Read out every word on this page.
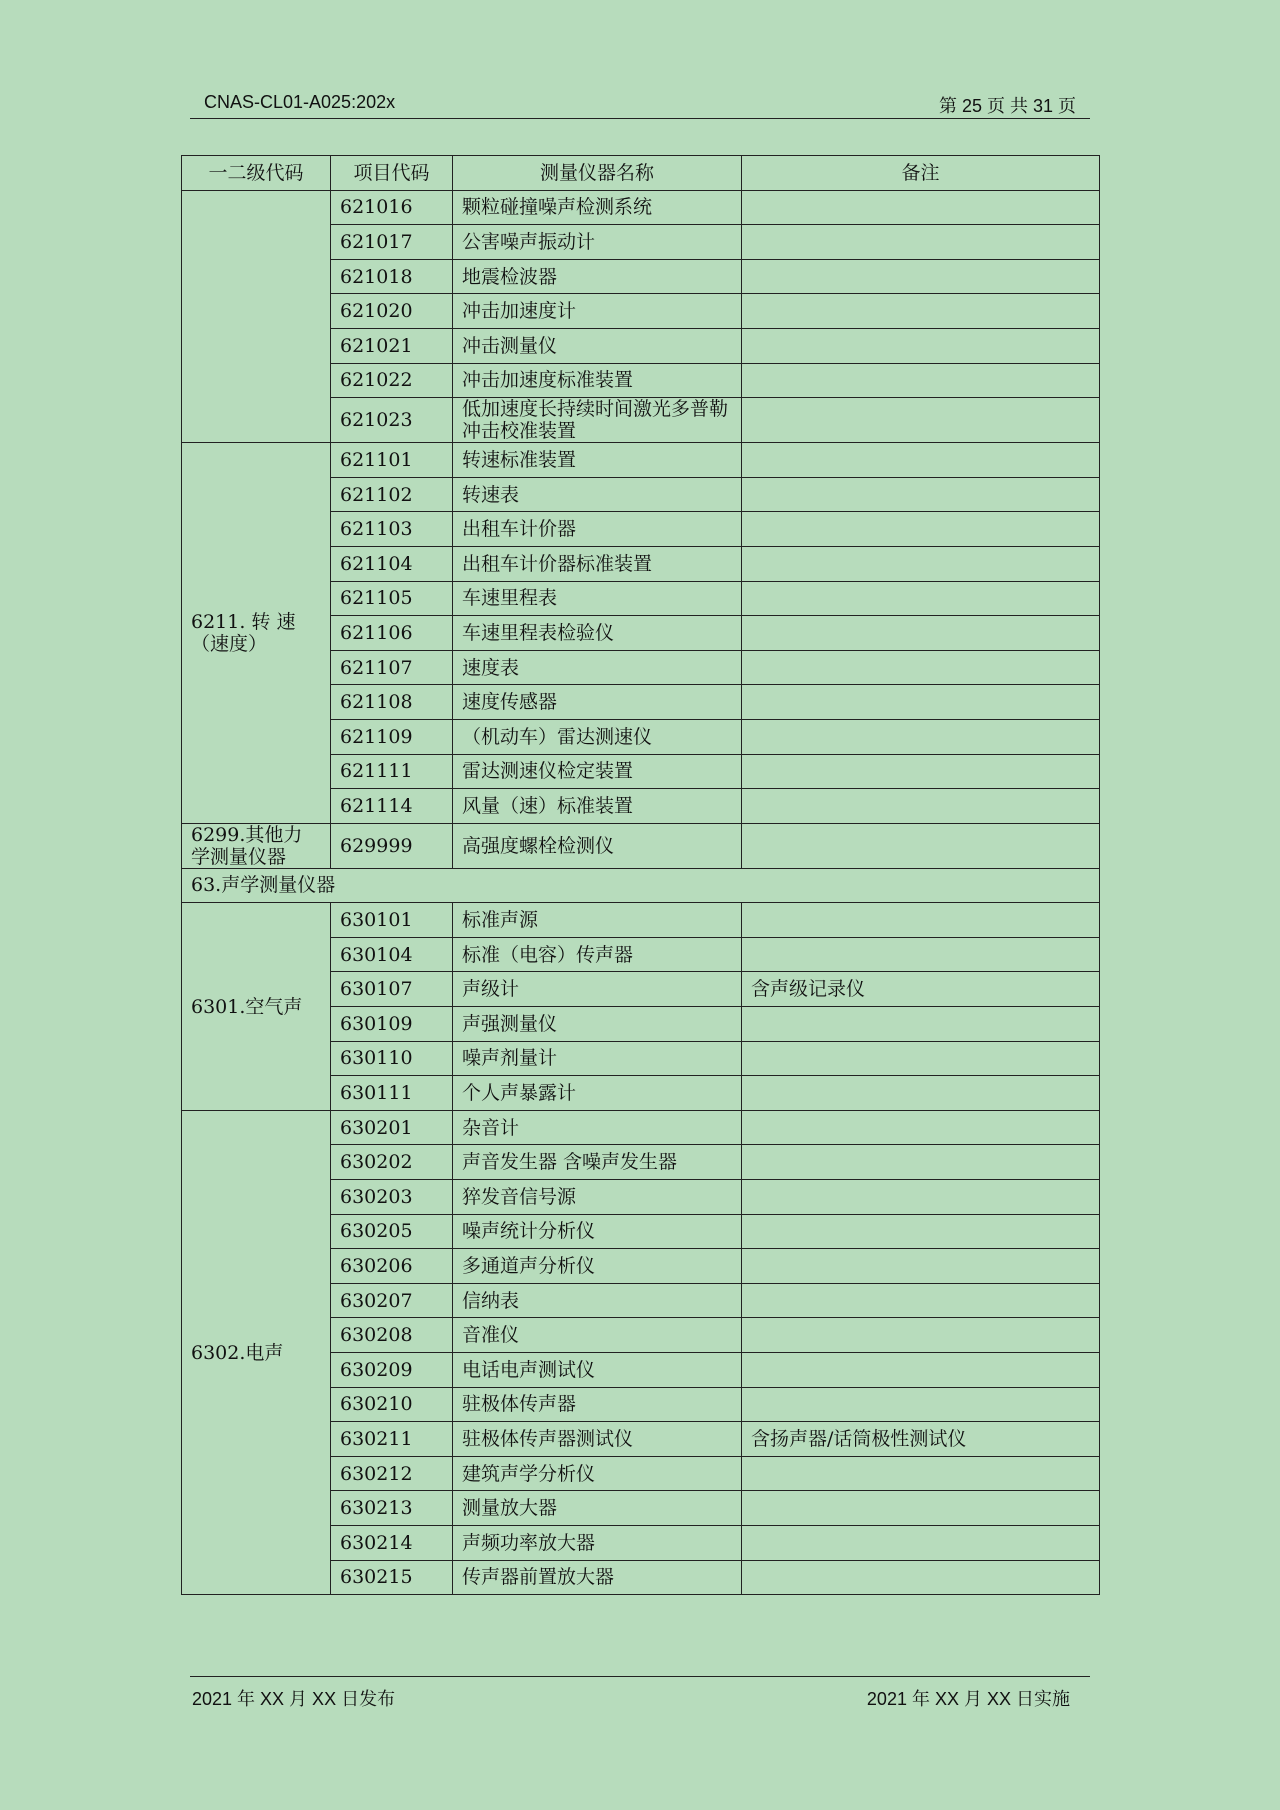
CNAS-CL01-A025:202x	第 25 页 共 31 页
一二级代码	项目代码	测量仪器名称	备注
	621016	颗粒碰撞噪声检测系统	
	621017	公害噪声振动计	
	621018	地震检波器	
	621020	冲击加速度计	
	621021	冲击测量仪	
	621022	冲击加速度标准装置	
	621023	低加速度长持续时间激光多普勒冲击校准装置	
6211. 转 速（速度）	621101	转速标准装置	
	621102	转速表	
	621103	出租车计价器	
	621104	出租车计价器标准装置	
	621105	车速里程表	
	621106	车速里程表检验仪	
	621107	速度表	
	621108	速度传感器	
	621109	（机动车）雷达测速仪	
	621111	雷达测速仪检定装置	
	621114	风量（速）标准装置	
6299.其他力学测量仪器	629999	高强度螺栓检测仪	
63.声学测量仪器			
6301.空气声	630101	标准声源	
	630104	标准（电容）传声器	
	630107	声级计	含声级记录仪
	630109	声强测量仪	
	630110	噪声剂量计	
	630111	个人声暴露计	
6302.电声	630201	杂音计	
	630202	声音发生器 含噪声发生器	
	630203	猝发音信号源	
	630205	噪声统计分析仪	
	630206	多通道声分析仪	
	630207	信纳表	
	630208	音准仪	
	630209	电话电声测试仪	
	630210	驻极体传声器	
	630211	驻极体传声器测试仪	含扬声器/话筒极性测试仪
	630212	建筑声学分析仪	
	630213	测量放大器	
	630214	声频功率放大器	
	630215	传声器前置放大器	
2021 年 XX 月 XX 日发布	2021 年 XX 月 XX 日实施
